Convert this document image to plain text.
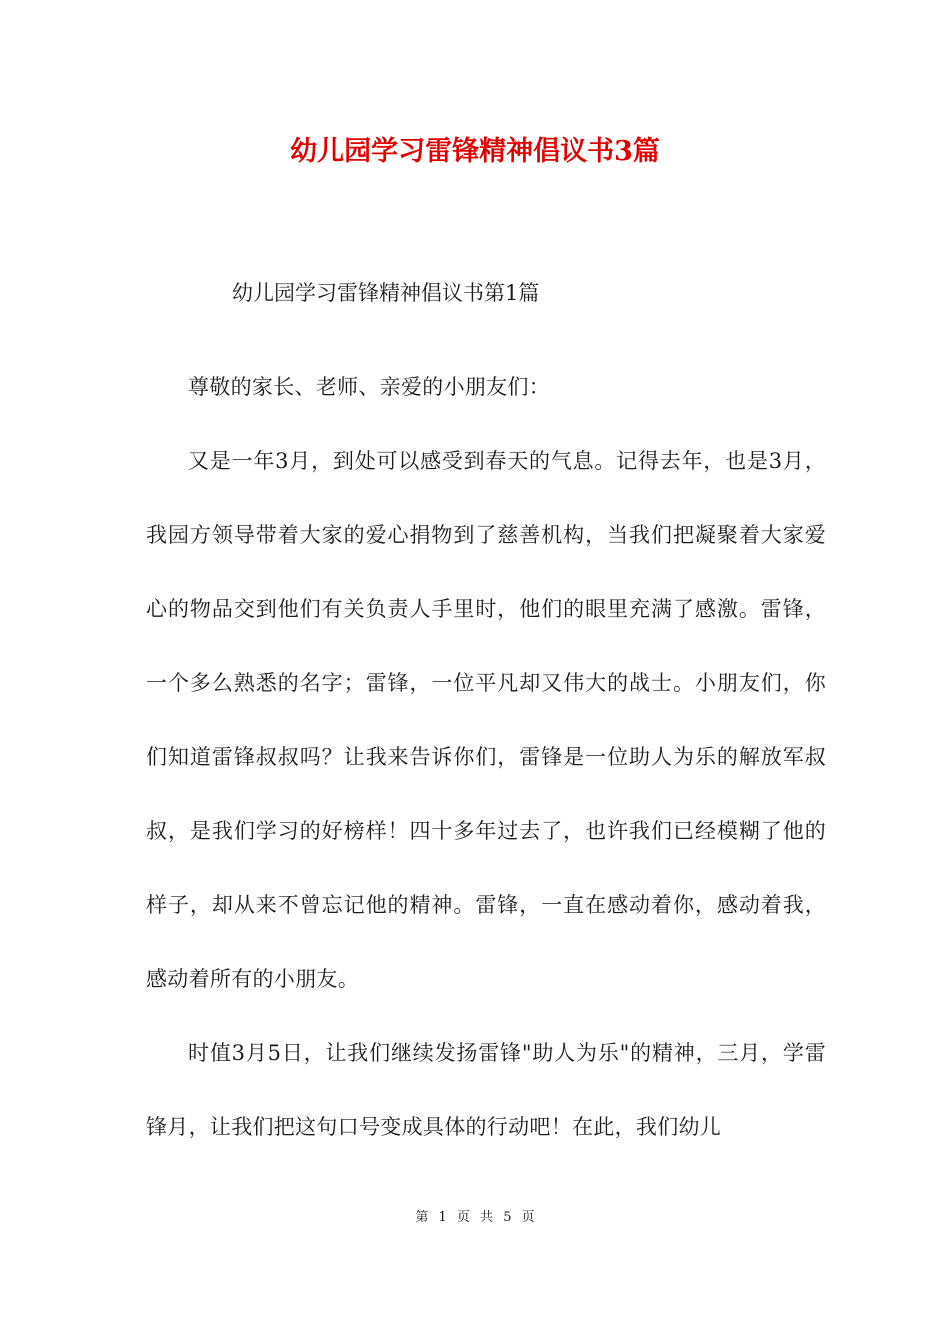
幼儿园学习雷锋精神倡议书3篇
幼儿园学习雷锋精神倡议书第1篇

尊敬的家长、老师、亲爱的小朋友们：

又是一年3月，到处可以感受到春天的气息。记得去年，也是3月，我园方领导带着大家的爱心捐物到了慈善机构，当我们把凝聚着大家爱心的物品交到他们有关负责人手里时，他们的眼里充满了感激。雷锋，一个多么熟悉的名字；雷锋，一位平凡却又伟大的战士。小朋友们，你们知道雷锋叔叔吗？让我来告诉你们，雷锋是一位助人为乐的解放军叔叔，是我们学习的好榜样！四十多年过去了，也许我们已经模糊了他的样子，却从来不曾忘记他的精神。雷锋，一直在感动着你，感动着我，感动着所有的小朋友。

时值3月5日，让我们继续发扬雷锋"助人为乐"的精神，三月，学雷锋月，让我们把这句口号变成具体的行动吧！在此，我们幼儿

第 1 页 共 5 页
